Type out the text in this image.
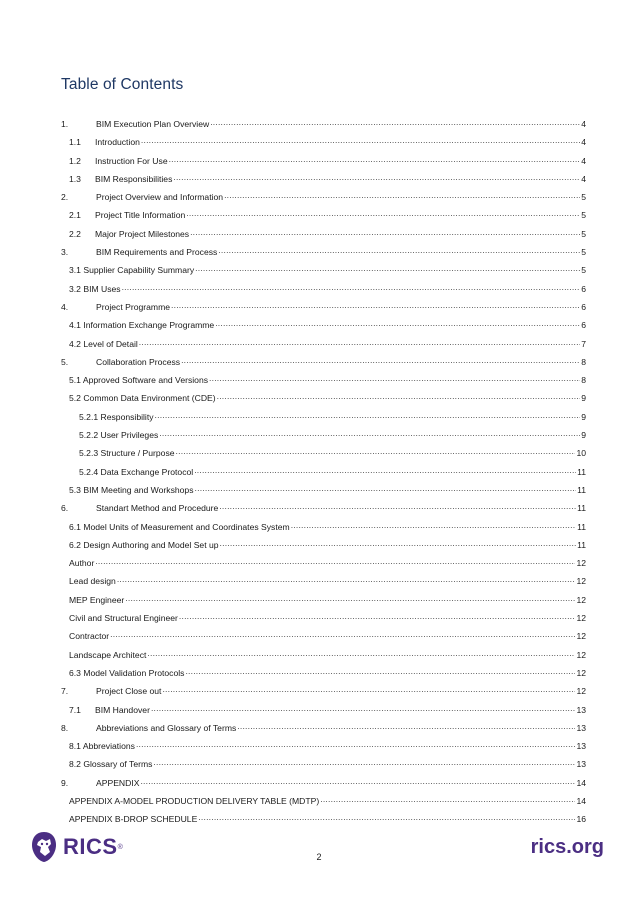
Table of Contents
1.	BIM Execution Plan Overview .....	4
1.1	Introduction .....	4
1.2	Instruction For Use .....	4
1.3	BIM Responsibilities .....	4
2.	Project Overview and Information .....	5
2.1	Project Title Information .....	5
2.2	Major Project Milestones .....	5
3.	BIM Requirements and Process .....	5
3.1 Supplier Capability Summary .....	5
3.2 BIM Uses .....	6
4.	Project Programme .....	6
4.1 Information Exchange Programme .....	6
4.2 Level of Detail .....	7
5.	Collaboration Process .....	8
5.1 Approved Software and Versions .....	8
5.2 Common Data Environment (CDE) .....	9
5.2.1 Responsibility .....	9
5.2.2 User Privileges .....	9
5.2.3 Structure / Purpose .....	10
5.2.4 Data Exchange Protocol .....	11
5.3 BIM Meeting and Workshops .....	11
6.	Standart Method and Procedure .....	11
6.1 Model Units of Measurement and Coordinates System .....	11
6.2 Design Authoring and Model Set up .....	11
Author .....	12
Lead design .....	12
MEP Engineer .....	12
Civil and Structural Engineer .....	12
Contractor .....	12
Landscape Architect .....	12
6.3 Model Validation Protocols .....	12
7.	Project Close out .....	12
7.1	BIM Handover .....	13
8.	Abbreviations and Glossary of Terms .....	13
8.1 Abbreviations .....	13
8.2 Glossary of Terms .....	13
9.	APPENDIX .....	14
APPENDIX A-MODEL PRODUCTION DELIVERY TABLE (MDTP) .....	14
APPENDIX B-DROP SCHEDULE .....	16
2
RICS ®	rics.org
